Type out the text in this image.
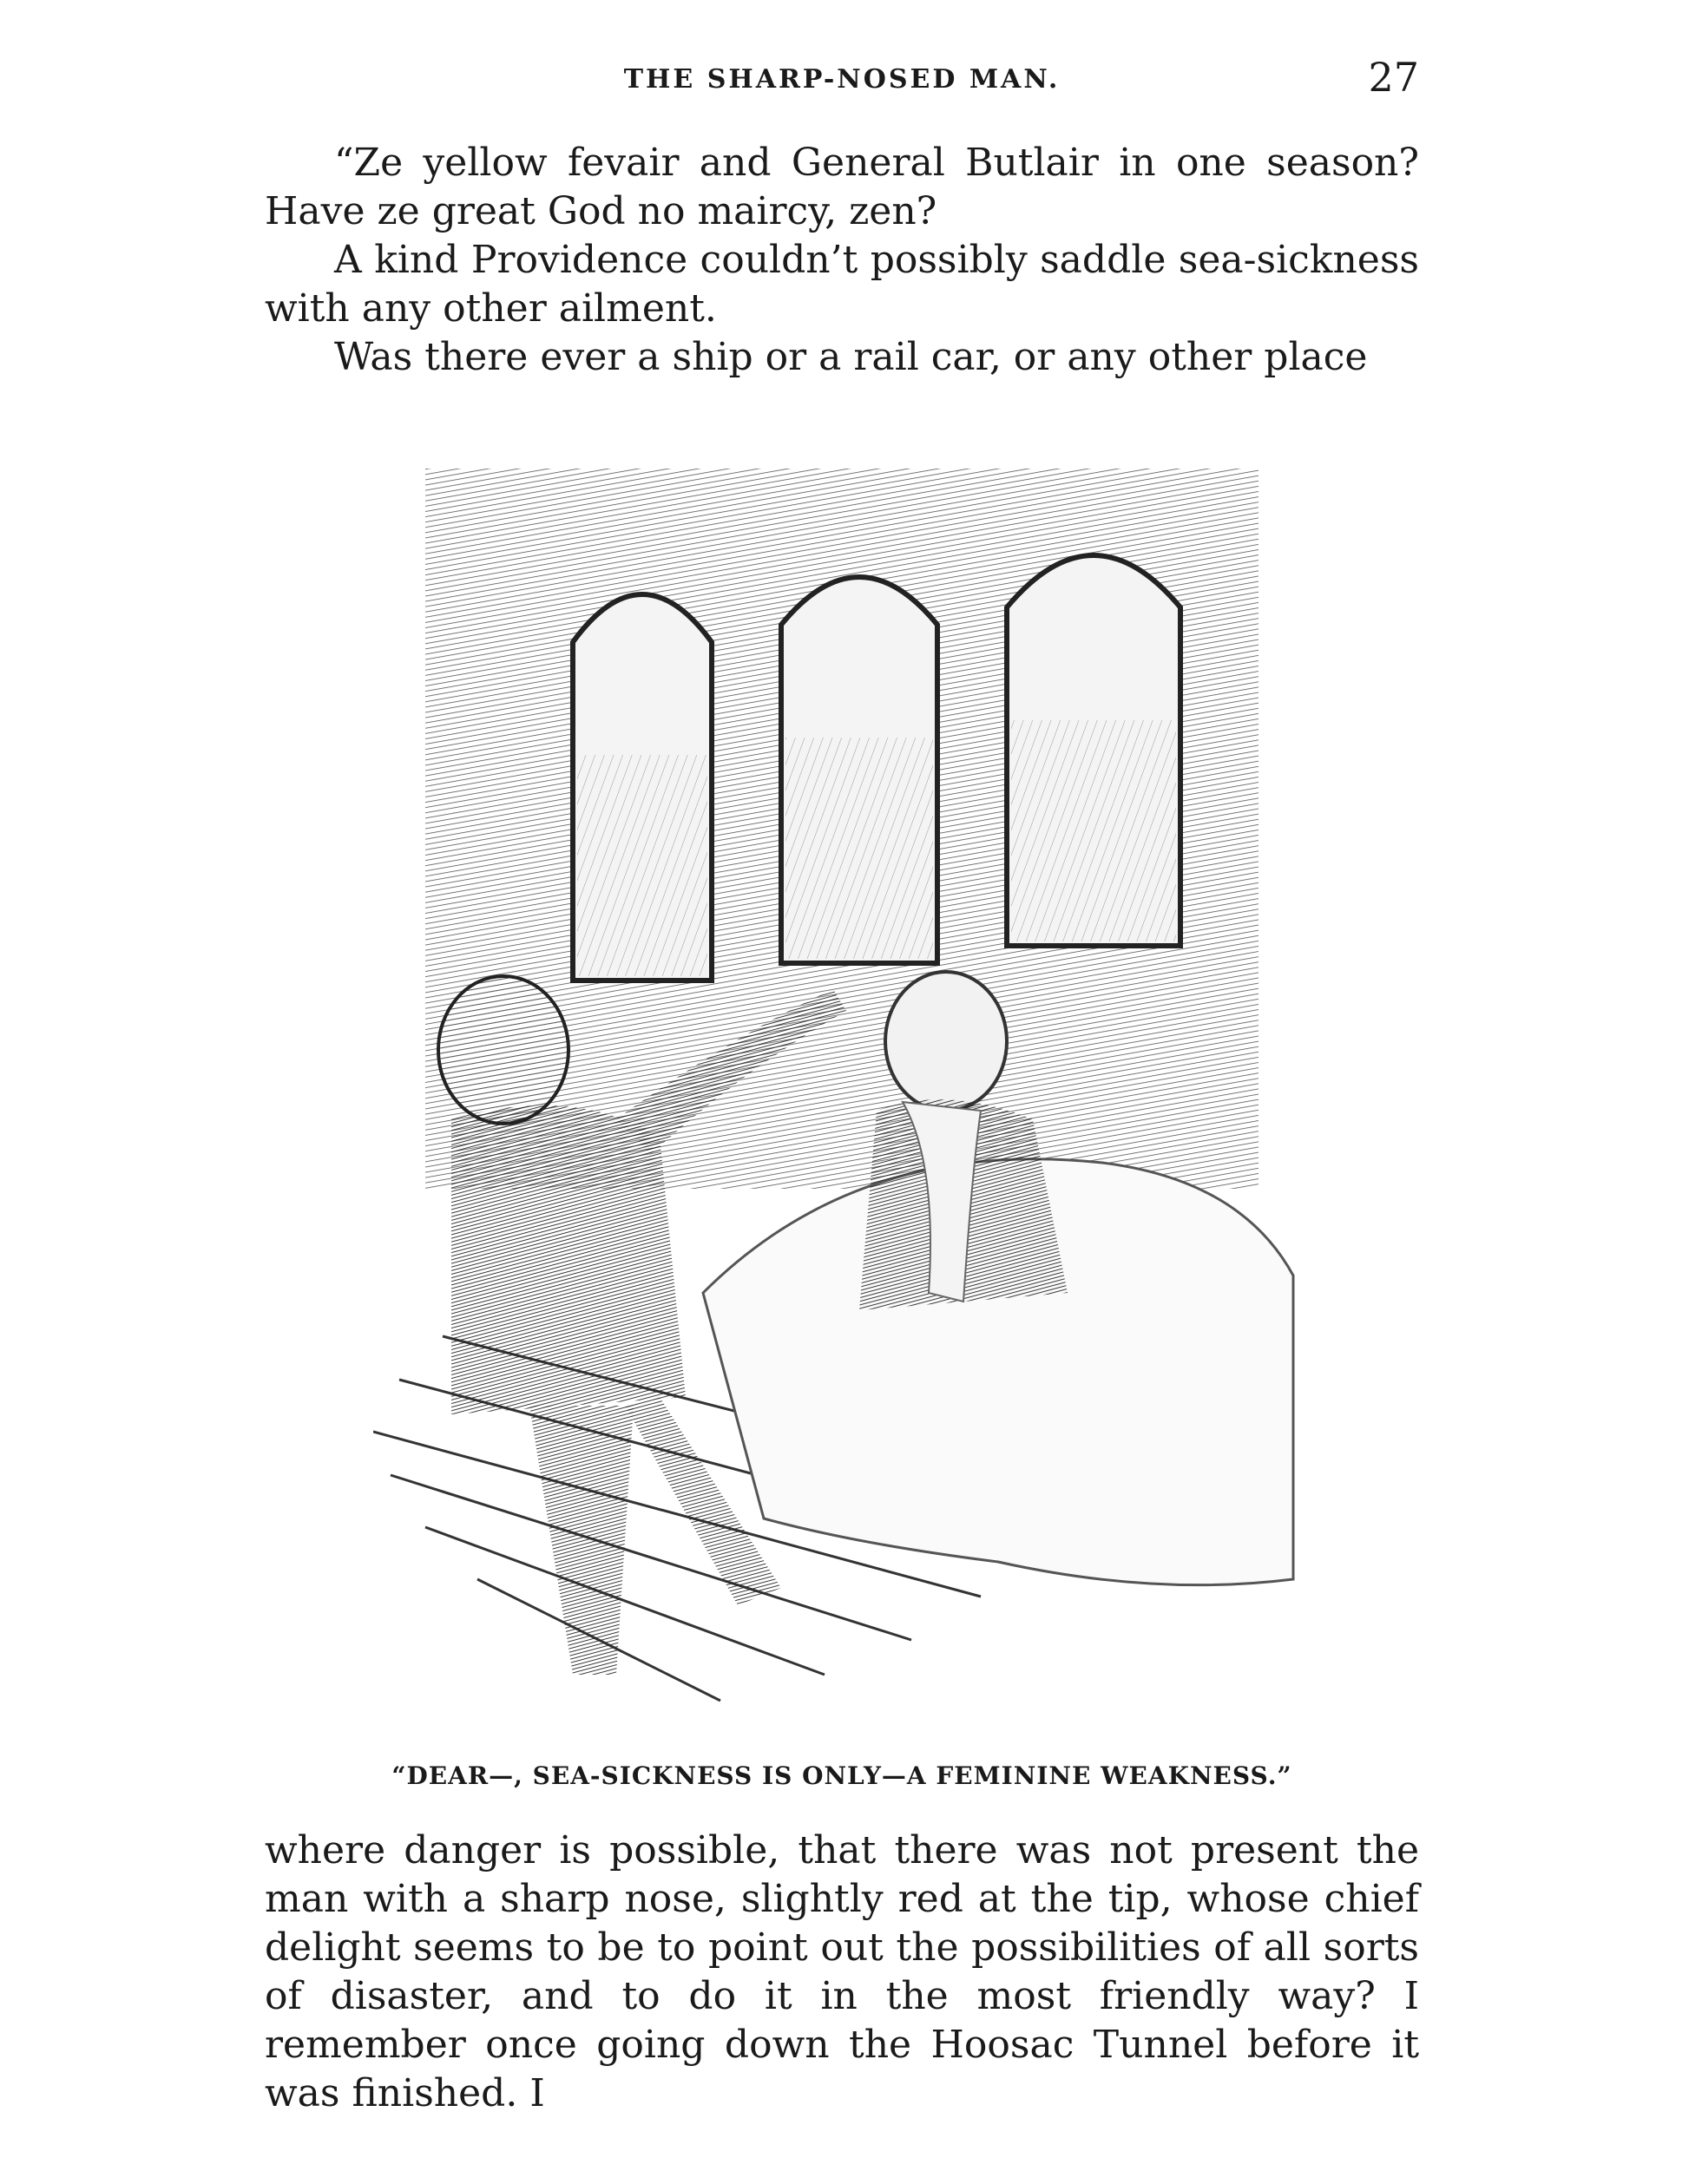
THE SHARP-NOSED MAN.	27

“Ze yellow fevair and General Butlair in one season? Have ze great God no maircy, zen?

A kind Providence couldn’t possibly saddle sea-sickness with any other ailment.

Was there ever a ship or a rail car, or any other place

“DEAR—, SEA-SICKNESS IS ONLY—A FEMININE WEAKNESS.”

where danger is possible, that there was not present the man with a sharp nose, slightly red at the tip, whose chief delight seems to be to point out the possibilities of all sorts of disaster, and to do it in the most friendly way? I remember once going down the Hoosac Tunnel before it was finished. I
